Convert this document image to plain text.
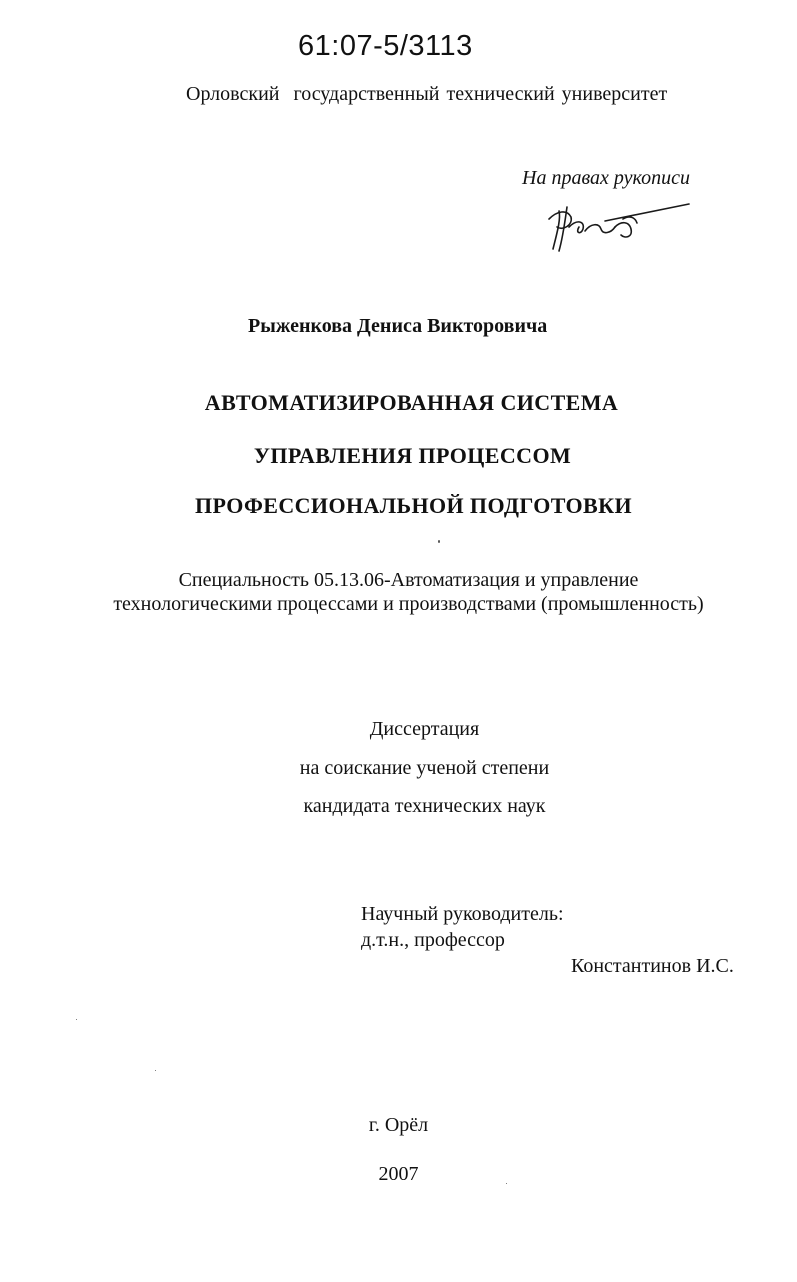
61:07-5/3113
Орловский  государственный технический университет
На правах рукописи
Рыженкова Дениса Викторовича
АВТОМАТИЗИРОВАННАЯ СИСТЕМА
УПРАВЛЕНИЯ ПРОЦЕССОМ
ПРОФЕССИОНАЛЬНОЙ ПОДГОТОВКИ
Специальность 05.13.06-Автоматизация и управление
технологическими процессами и производствами (промышленность)
Диссертация
на соискание ученой степени
кандидата технических наук
Научный руководитель:
д.т.н., профессор
Константинов И.С.
г. Орёл
2007
